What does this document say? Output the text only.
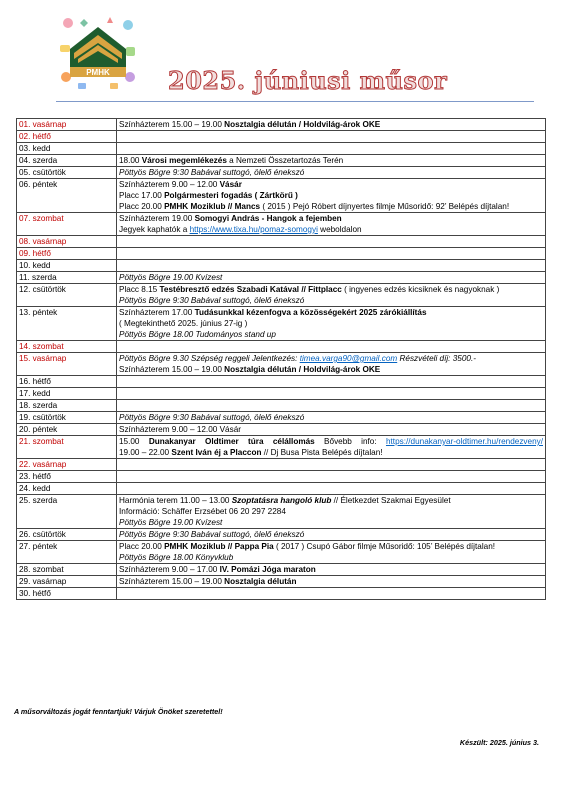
PMHK 2025. júniusi műsor
01. vasárnap	Színházterem 15.00 – 19.00 Nosztalgia délután / Holdvilág-árok OKE

02. hétfő	
03. kedd	
04. szerda	18.00 Városi megemlékezés a Nemzeti Összetartozás Terén

05. csütörtök	Pöttyös Bögre 9:30 Babával suttogó, ölelő énekszó

06. péntek	Színházterem 9.00 – 12.00 Vásár
Placc 17.00 Polgármesteri fogadás ( Zártkörű )
Placc 20.00 PMHK Moziklub // Mancs ( 2015 ) Pejó Róbert díjnyertes filmje Műsoridő: 92’ Belépés díjtalan!

07. szombat	Színházterem 19.00 Somogyi András - Hangok a fejemben
Jegyek kaphatók a https://www.tixa.hu/pomaz-somogyi weboldalon

08. vasárnap	
09. hétfő	
10. kedd	
11. szerda	Pöttyös Bögre 19.00 Kvízest

12. csütörtök	Placc 8.15 Testébresztő edzés Szabadi Katával // Fittplacc ( ingyenes edzés kicsiknek és nagyoknak )
Pöttyös Bögre 9:30 Babával suttogó, ölelő énekszó

13. péntek	Színházterem 17.00 Tudásunkkal kézenfogva a közösségekért 2025 zárókiállítás
( Megtekinthető 2025. június 27-ig )
Pöttyös Bögre 18.00 Tudományos stand up

14. szombat	
15. vasárnap	Pöttyös Bögre 9.30 Szépség reggeli Jelentkezés: timea.varga90@gmail.com Részvételi díj: 3500.-
Színházterem 15.00 – 19.00 Nosztalgia délután / Holdvilág-árok OKE

16. hétfő	
17. kedd	
18. szerda	
19. csütörtök	Pöttyös Bögre 9:30 Babával suttogó, ölelő énekszó

20. péntek	Színházterem 9.00 – 12.00 Vásár

21. szombat	15.00 Dunakanyar Oldtimer túra célállomás Bővebb info: https://dunakanyar-oldtimer.hu/rendezveny/
19.00 – 22.00 Szent Iván éj a Placcon // Dj Busa Pista Belépés díjtalan!

22. vasárnap	
23. hétfő	
24. kedd	
25. szerda	Harmónia terem 11.00 – 13.00 Szoptatásra hangoló klub // Életkezdet Szakmai Egyesület
Információ: Schäffer Erzsébet 06 20 297 2284
Pöttyös Bögre 19.00 Kvízest

26. csütörtök	Pöttyös Bögre 9:30 Babával suttogó, ölelő énekszó

27. péntek	Placc 20.00 PMHK Moziklub // Pappa Pia ( 2017 ) Csupó Gábor filmje Műsoridő: 105’ Belépés díjtalan!
Pöttyös Bögre 18.00 Könyvklub

28. szombat	Színházterem 9.00 – 17.00 IV. Pomázi Jóga maraton

29. vasárnap	Színházterem 15.00 – 19.00 Nosztalgia délután

30. hétfő	
A műsorváltozás jogát fenntartjuk! Várjuk Önöket szeretettel!
Készült: 2025. június 3.
